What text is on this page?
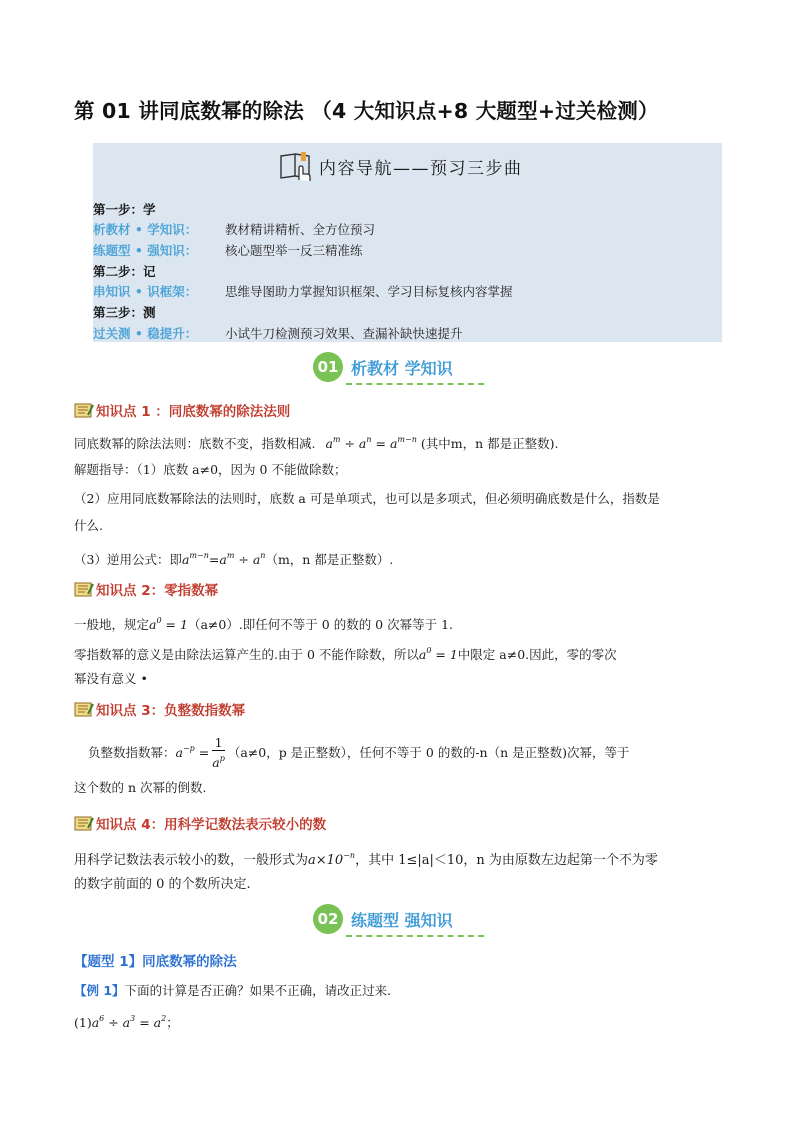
第 01 讲同底数幂的除法 （4 大知识点+8 大题型+过关检测）
内容导航——预习三步曲
第一步：学
析教材 • 学知识： 教材精讲精析、全方位预习
练题型 • 强知识： 核心题型举一反三精准练
第二步：记
串知识 • 识框架： 思维导图助力掌握知识框架、学习目标复核内容掌握
第三步：测
过关测 • 稳提升： 小试牛刀检测预习效果、查漏补缺快速提升
01 析教材 学知识
知识点 1 ：同底数幂的除法法则
同底数幂的除法法则：底数不变，指数相减. $a^m \div a^n = a^{m-n}$ (其中m，n 都是正整数).
解题指导：（1）底数 a≠0，因为 0 不能做除数；
（2）应用同底数幂除法的法则时，底数 a 可是单项式，也可以是多项式，但必须明确底数是什么，指数是
什么.
（3）逆用公式：即$a^{m-n}=a^m \div a^n(m$，n 都是正整数）.
知识点 2：零指数幂
一般地，规定$a^0 = 1(a\ne 0)$.即任何不等于 0 的数的 0 次幂等于 1.
零指数幂的意义是由除法运算产生的.由于 0 不能作除数，所以$a^0 = 1$中限定 a≠0.因此，零的零次
幂没有意义 •
知识点 3：负整数指数幂
负整数指数幂：$a^{-p} = \frac{1}{a^p} (a\ne 0$，p 是正整数），任何不等于 0 的数的-n（n 是正整数)次幂，等于
这个数的 n 次幂的倒数.
知识点 4：用科学记数法表示较小的数
用科学记数法表示较小的数，一般形式为$a\times 10^{-n}$，其中 1≤|a|＜10，n 为由原数左边起第一个不为零
的数字前面的 0 的个数所决定.
02 练题型 强知识
【题型 1】同底数幂的除法
【例 1】下面的计算是否正确？如果不正确，请改正过来.
$(1)a^6 \div a^3 = a^2$；
